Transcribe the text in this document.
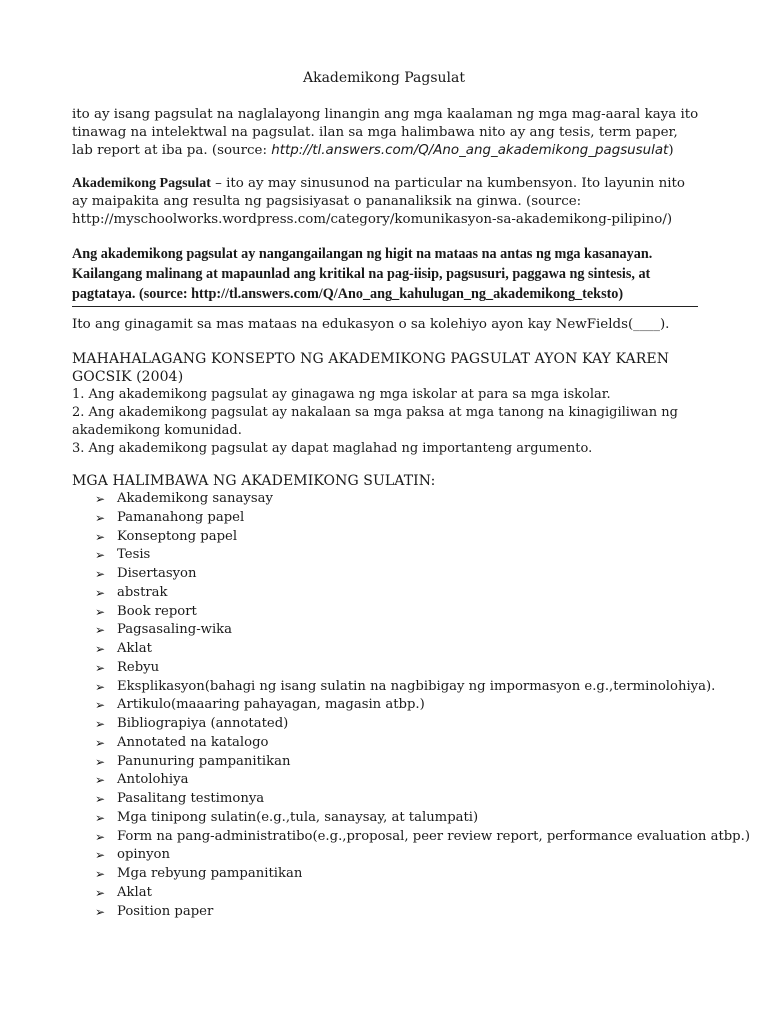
Akademikong Pagsulat

ito ay isang pagsulat na naglalayong linangin ang mga kaalaman ng mga mag-aaral kaya ito tinawag na intelektwal na pagsulat. ilan sa mga halimbawa nito ay ang tesis, term paper, lab report at iba pa. (source: http://tl.answers.com/Q/Ano_ang_akademikong_pagsusulat)

Akademikong Pagsulat – ito ay may sinusunod na particular na kumbensyon. Ito layunin nito ay maipakita ang resulta ng pagsisiyasat o pananaliksik na ginwa. (source: http://myschoolworks.wordpress.com/category/komunikasyon-sa-akademikong-pilipino/)

Ang akademikong pagsulat ay nangangailangan ng higit na mataas na antas ng mga kasanayan. Kailangang malinang at mapaunlad ang kritikal na pag-iisip, pagsusuri, paggawa ng sintesis, at pagtataya. (source: http://tl.answers.com/Q/Ano_ang_kahulugan_ng_akademikong_teksto)

Ito ang ginagamit sa mas mataas na edukasyon o sa kolehiyo ayon kay NewFields(____).

MAHAHALAGANG KONSEPTO NG AKADEMIKONG PAGSULAT AYON KAY KAREN GOCSIK (2004)
1. Ang akademikong pagsulat ay ginagawa ng mga iskolar at para sa mga iskolar.
2. Ang akademikong pagsulat ay nakalaan sa mga paksa at mga tanong na kinagigiliwan ng akademikong komunidad.
3. Ang akademikong pagsulat ay dapat maglahad ng importanteng argumento.
MGA HALIMBAWA NG AKADEMIKONG SULATIN:
➢ Akademikong sanaysay
➢ Pamanahong papel
➢ Konseptong papel
➢ Tesis
➢ Disertasyon
➢ abstrak
➢ Book report
➢ Pagsasaling-wika
➢ Aklat
➢ Rebyu
➢ Eksplikasyon(bahagi ng isang sulatin na nagbibigay ng impormasyon e.g.,terminolohiya).
➢ Artikulo(maaaring pahayagan, magasin atbp.)
➢ Bibliograpiya (annotated)
➢ Annotated na katalogo
➢ Panunuring pampanitikan
➢ Antolohiya
➢ Pasalitang testimonya
➢ Mga tinipong sulatin(e.g.,tula, sanaysay, at talumpati)
➢ Form na pang-administratibo(e.g.,proposal, peer review report, performance evaluation atbp.)
➢ opinyon
➢ Mga rebyung pampanitikan
➢ Aklat
➢ Position paper
